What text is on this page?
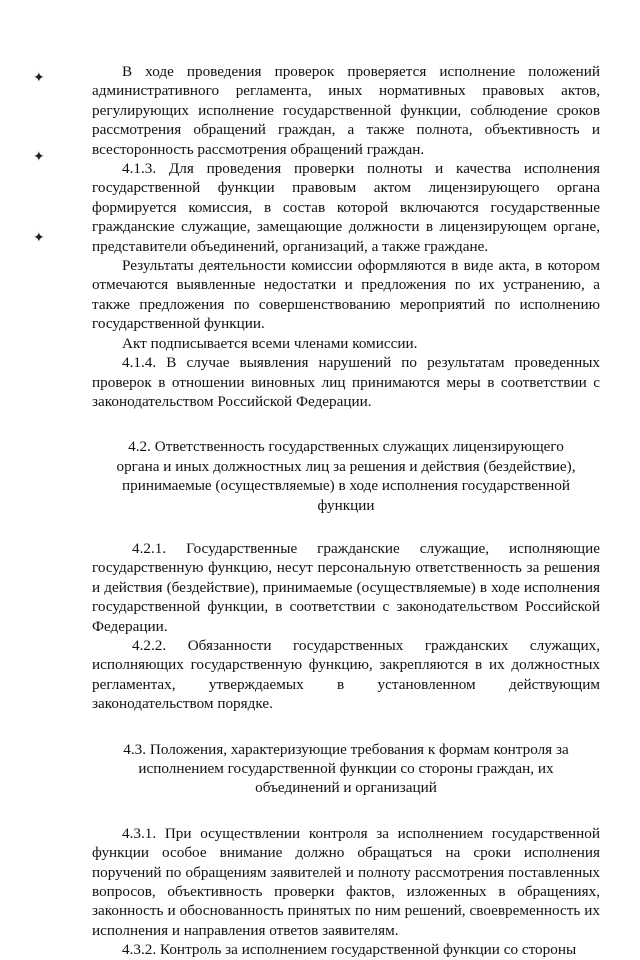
✦
✦
✦

В ходе проведения проверок проверяется исполнение положений административного регламента, иных нормативных правовых актов, регулирующих исполнение государственной функции, соблюдение сроков рассмотрения обращений граждан, а также полнота, объективность и всесторонность рассмотрения обращений граждан.

4.1.3. Для проведения проверки полноты и качества исполнения государственной функции правовым актом лицензирующего органа формируется комиссия, в состав которой включаются государственные гражданские служащие, замещающие должности в лицензирующем органе, представители объединений, организаций, а также граждане.

Результаты деятельности комиссии оформляются в виде акта, в котором отмечаются выявленные недостатки и предложения по их устранению, а также предложения по совершенствованию мероприятий по исполнению государственной функции.

Акт подписывается всеми членами комиссии.

4.1.4. В случае выявления нарушений по результатам проведенных проверок в отношении виновных лиц принимаются меры в соответствии с законодательством Российской Федерации.

4.2. Ответственность государственных служащих лицензирующего органа и иных должностных лиц за решения и действия (бездействие), принимаемые (осуществляемые) в ходе исполнения государственной функции

4.2.1. Государственные гражданские служащие, исполняющие государственную функцию, несут персональную ответственность за решения и действия (бездействие), принимаемые (осуществляемые) в ходе исполнения государственной функции, в соответствии с законодательством Российской Федерации.

4.2.2. Обязанности государственных гражданских служащих, исполняющих государственную функцию, закрепляются в их должностных регламентах, утверждаемых в установленном действующим законодательством порядке.

4.3. Положения, характеризующие требования к формам контроля за исполнением государственной функции со стороны граждан, их объединений и организаций

4.3.1. При осуществлении контроля за исполнением государственной функции особое внимание должно обращаться на сроки исполнения поручений по обращениям заявителей и полноту рассмотрения поставленных вопросов, объективность проверки фактов, изложенных в обращениях, законность и обоснованность принятых по ним решений, своевременность их исполнения и направления ответов заявителям.

4.3.2. Контроль за исполнением государственной функции со стороны
